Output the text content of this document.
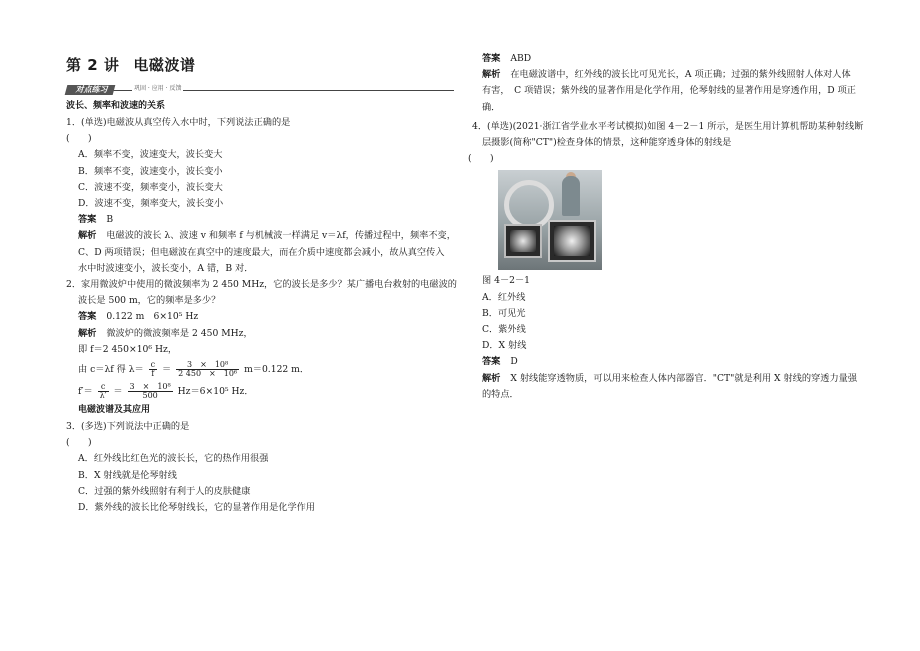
第 2 讲 电磁波谱
对点练习	巩固 · 应用 · 反馈
波长、频率和波速的关系
1．(单选)电磁波从真空传入水中时，下列说法正确的是
(　　)
A．频率不变，波速变大，波长变大
B．频率不变，波速变小，波长变小
C．波速不变，频率变小，波长变大
D．波速不变，频率变大，波长变小
答案 B
解析 电磁波的波长 λ、波速 v 和频率 f 与机械波一样满足 v＝λf，传播过程中，频率不变，
C、D 两项错误；但电磁波在真空中的速度最大，而在介质中速度都会减小，故从真空传入
水中时波速变小，波长变小，A 错，B 对．
2．家用微波炉中使用的微波频率为 2 450 MHz，它的波长是多少？某广播电台救射的电磁波的
波长是 500 m，它的频率是多少？
答案 0.122 m　6×10⁵ Hz
解析 微波炉的微波频率是 2 450 MHz，
即 f＝2 450×10⁶ Hz，
由 c＝λf 得 $\lambda= \frac{c}{f} = \frac{\text{3　×　10⁸}}{\text{2 450　×　10⁶}} m=0.122$ m．
$f'= \frac{c}{\lambda'} = \frac{\text{3　×　10⁸}}{500} Hz=6\times 10^5$ Hz．
电磁波谱及其应用
3．(多选)下列说法中正确的是
(　　)
A．红外线比红色光的波长长，它的热作用很强
B．X 射线就是伦琴射线
C．过强的紫外线照射有利于人的皮肤健康
D．紫外线的波长比伦琴射线长，它的显著作用是化学作用
答案 ABD
解析 在电磁波谱中，红外线的波长比可见光长，A 项正确；过强的紫外线照射人体对人体
有害，　C 项错误；紫外线的显著作用是化学作用，伦琴射线的显著作用是穿透作用，D 项正
确．
4．(单选)(2021·浙江省学业水平考试模拟)如图 4－2－1 所示，是医生用计算机帮助某种射线断
层摄影(简称"CT")检查身体的情景，这种能穿透身体的射线是
(　　)
图 4－2－1
A．红外线
B．可见光
C．紫外线
D．X 射线
答案 D
解析 X 射线能穿透物质，可以用来检查人体内部器官．"CT"就是利用 X 射线的穿透力量强
的特点．
